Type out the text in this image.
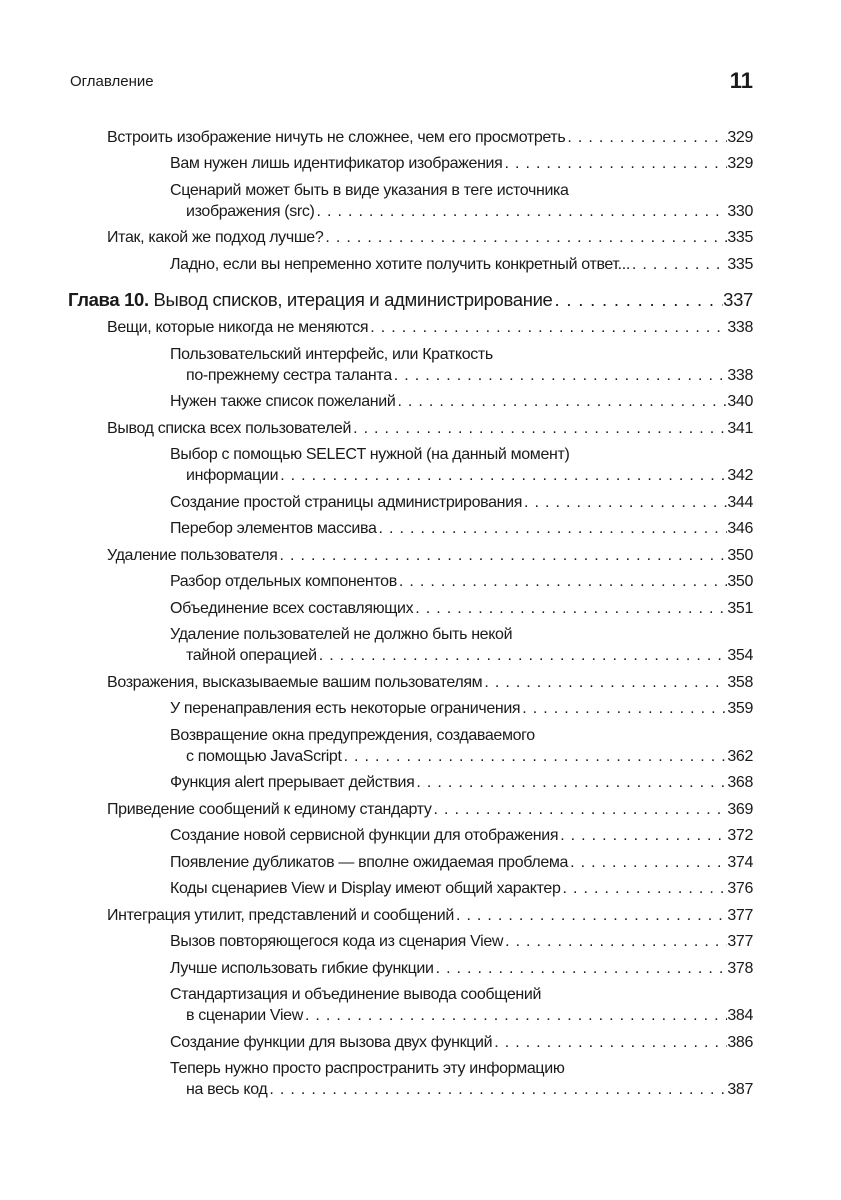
Оглавление	11
Встроить изображение ничуть не сложнее, чем его просмотреть . . .	329
Вам нужен лишь идентификатор изображения . . .	329
Сценарий может быть в виде указания в теге источника
изображения (src) . . .	330
Итак, какой же подход лучше? . . .	335
Ладно, если вы непременно хотите получить конкретный ответ... . . .	335
Глава 10.
Вывод списков, итерация и администрирование . . .	337
Вещи, которые никогда не меняются . . .	338
Пользовательский интерфейс, или Краткость
по-прежнему сестра таланта . . .	338
Нужен также список пожеланий . . .	340
Вывод списка всех пользователей . . .	341
Выбор с помощью SELECT нужной (на данный момент)
информации . . .	342
Создание простой страницы администрирования . . .	344
Перебор элементов массива . . .	346
Удаление пользователя . . .	350
Разбор отдельных компонентов . . .	350
Объединение всех составляющих . . .	351
Удаление пользователей не должно быть некой
тайной операцией . . .	354
Возражения, высказываемые вашим пользователям . . .	358
У перенаправления есть некоторые ограничения . . .	359
Возвращение окна предупреждения, создаваемого
с помощью JavaScript . . .	362
Функция alert прерывает действия . . .	368
Приведение сообщений к единому стандарту . . .	369
Создание новой сервисной функции для отображения . . .	372
Появление дубликатов — вполне ожидаемая проблема . . .	374
Коды сценариев View и Display имеют общий характер . . .	376
Интеграция утилит, представлений и сообщений . . .	377
Вызов повторяющегося кода из сценария View . . .	377
Лучше использовать гибкие функции . . .	378
Стандартизация и объединение вывода сообщений
в сценарии View . . .	384
Создание функции для вызова двух функций . . .	386
Теперь нужно просто распространить эту информацию
на весь код . . .	387
